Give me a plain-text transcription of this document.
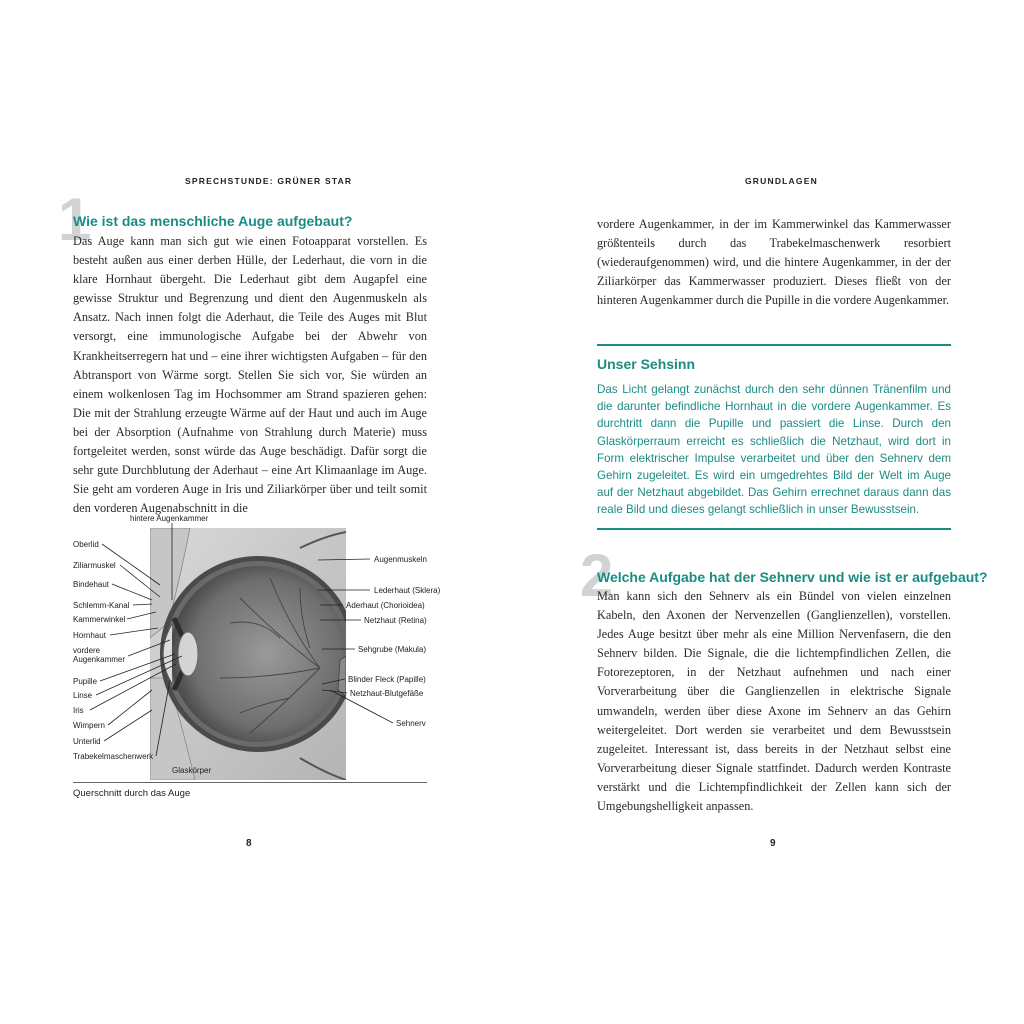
SPRECHSTUNDE: GRÜNER STAR
1
Wie ist das menschliche Auge aufgebaut?
Das Auge kann man sich gut wie einen Fotoapparat vorstellen. Es besteht außen aus einer derben Hülle, der Lederhaut, die vorn in die klare Hornhaut übergeht. Die Lederhaut gibt dem Augapfel eine gewisse Struktur und Begrenzung und dient den Augenmuskeln als Ansatz. Nach innen folgt die Aderhaut, die Teile des Auges mit Blut versorgt, eine immunologische Aufgabe bei der Abwehr von Krankheitserregern hat und – eine ihrer wichtigsten Aufgaben – für den Abtransport von Wärme sorgt. Stellen Sie sich vor, Sie würden an einem wolkenlosen Tag im Hochsommer am Strand spazieren gehen: Die mit der Strahlung erzeugte Wärme auf der Haut und auch im Auge bei der Absorption (Aufnahme von Strahlung durch Materie) muss fortgeleitet werden, sonst würde das Auge beschädigt. Dafür sorgt die sehr gute Durchblutung der Aderhaut – eine Art Klimaanlage im Auge. Sie geht am vorderen Auge in Iris und Ziliarkörper über und teilt somit den vorderen Augenabschnitt in die
hintere Augenkammer
Oberlid
Ziliarmuskel
Bindehaut
Schlemm-Kanal
Kammerwinkel
Hornhaut
vordere Augenkammer
Pupille
Linse
Iris
Wimpern
Unterlid
Trabekelmaschenwerk
Augenmuskeln
Lederhaut (Sklera)
Aderhaut (Chorioidea)
Netzhaut (Retina)
Sehgrube (Makula)
Blinder Fleck (Papille)
Netzhaut-Blutgefäße
Sehnerv
Glaskörper
Querschnitt durch das Auge
8
GRUNDLAGEN
vordere Augenkammer, in der im Kammerwinkel das Kammerwasser größtenteils durch das Trabekelmaschenwerk resorbiert (wiederaufgenommen) wird, und die hintere Augenkammer, in der der Ziliarkörper das Kammerwasser produziert. Dieses fließt von der hinteren Augenkammer durch die Pupille in die vordere Augenkammer.
Unser Sehsinn
Das Licht gelangt zunächst durch den sehr dünnen Tränenfilm und die darunter befindliche Hornhaut in die vordere Augenkammer. Es durchtritt dann die Pupille und passiert die Linse. Durch den Glaskörperraum erreicht es schließlich die Netzhaut, wird dort in Form elektrischer Impulse verarbeitet und über den Sehnerv dem Gehirn zugeleitet. Es wird ein umgedrehtes Bild der Welt im Auge auf der Netzhaut abgebildet. Das Gehirn errechnet daraus dann das reale Bild und dieses gelangt schließlich in unser Bewusstsein.
2
Welche Aufgabe hat der Sehnerv und wie ist er aufgebaut?
Man kann sich den Sehnerv als ein Bündel von vielen einzelnen Kabeln, den Axonen der Nervenzellen (Ganglienzellen), vorstellen. Jedes Auge besitzt über mehr als eine Million Nervenfasern, die den Sehnerv bilden. Die Signale, die die lichtempfindlichen Zellen, die Fotorezeptoren, in der Netzhaut aufnehmen und nach einer Vorverarbeitung über die Ganglienzellen in elektrische Signale umwandeln, werden über diese Axone im Sehnerv an das Gehirn weitergeleitet. Dort werden sie verarbeitet und dem Bewusstsein zugeleitet. Interessant ist, dass bereits in der Netzhaut selbst eine Vorverarbeitung dieser Signale stattfindet. Dadurch werden Kontraste verstärkt und die Lichtempfindlichkeit der Zellen kann sich der Umgebungshelligkeit anpassen.
9
